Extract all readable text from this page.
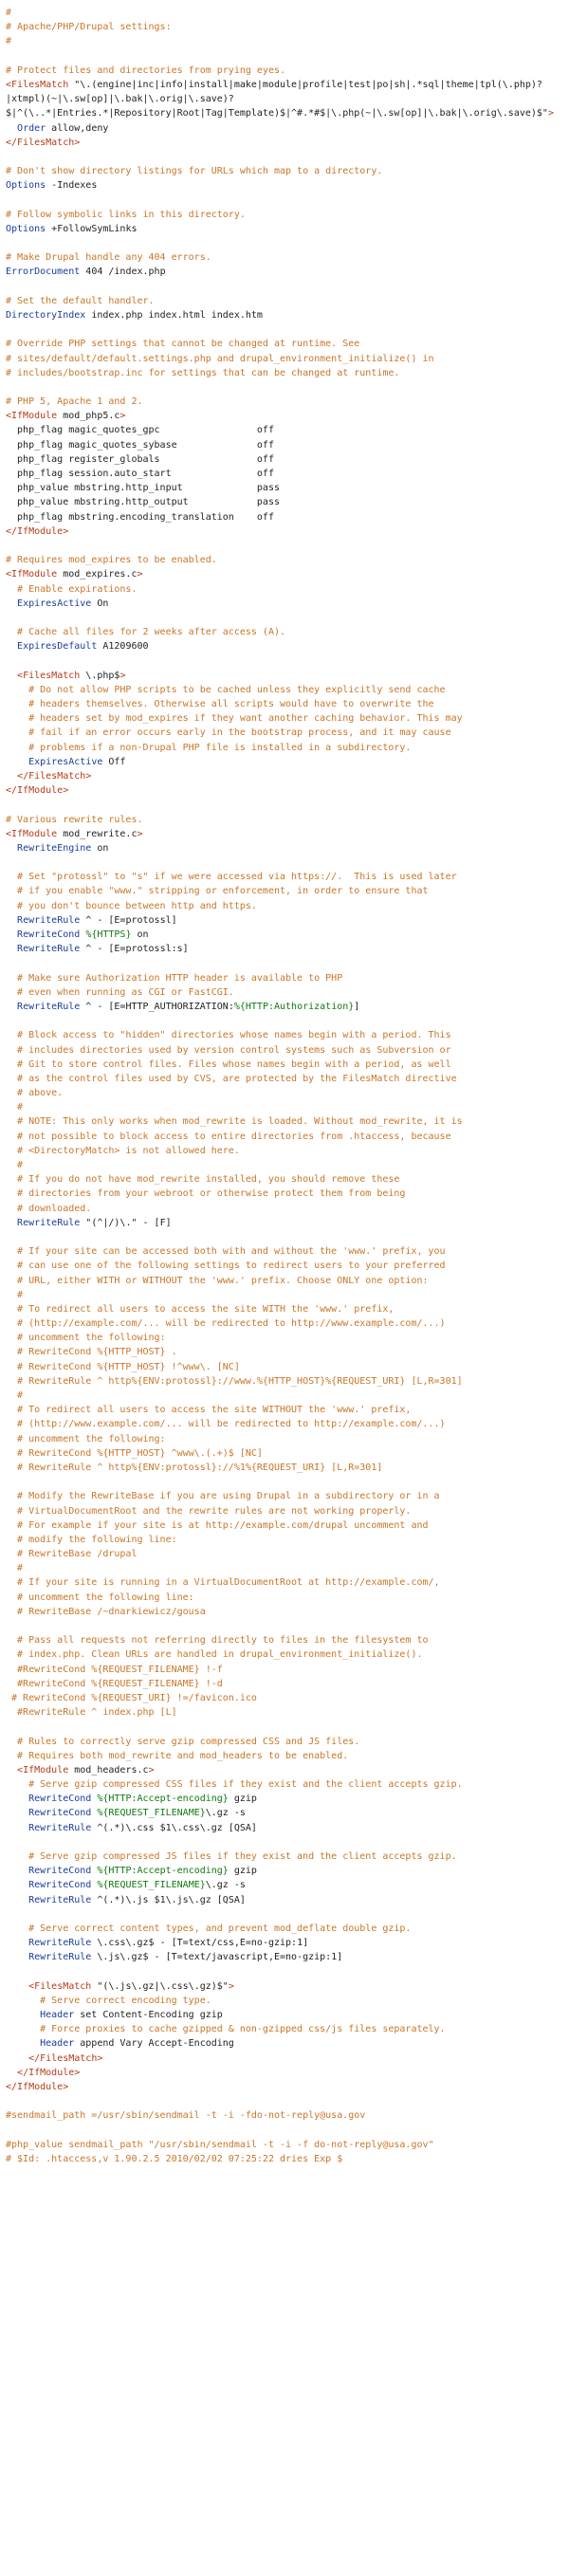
#
# Apache/PHP/Drupal settings:
#

# Protect files and directories from prying eyes.
<FilesMatch "\.(engine|inc|info|install|make|module|profile|test|po|sh|.*sql|theme|tpl(\.php)?
|xtmpl)(~|\.sw[op]|\.bak|\.orig|\.save)?
$|^(\..*|Entries.*|Repository|Root|Tag|Template)$|^#.*#$|\.php(~|\.sw[op]|\.bak|\.orig\.save)$">
Order allow,deny
</FilesMatch>

# Don't show directory listings for URLs which map to a directory.
Options -Indexes

# Follow symbolic links in this directory.
Options +FollowSymLinks

# Make Drupal handle any 404 errors.
ErrorDocument 404 /index.php

# Set the default handler.
DirectoryIndex index.php index.html index.htm

# Override PHP settings that cannot be changed at runtime. See
# sites/default/default.settings.php and drupal_environment_initialize() in
# includes/bootstrap.inc for settings that can be changed at runtime.

# PHP 5, Apache 1 and 2.
<IfModule mod_php5.c>
php_flag magic_quotes_gpc                 off
php_flag magic_quotes_sybase              off
php_flag register_globals                 off
php_flag session.auto_start               off
php_value mbstring.http_input             pass
php_value mbstring.http_output            pass
php_flag mbstring.encoding_translation    off
</IfModule>

# Requires mod_expires to be enabled.
<IfModule mod_expires.c>
# Enable expirations.
ExpiresActive On

# Cache all files for 2 weeks after access (A).
ExpiresDefault A1209600

<FilesMatch \.php$>
# Do not allow PHP scripts to be cached unless they explicitly send cache
# headers themselves. Otherwise all scripts would have to overwrite the
# headers set by mod_expires if they want another caching behavior. This may
# fail if an error occurs early in the bootstrap process, and it may cause
# problems if a non-Drupal PHP file is installed in a subdirectory.
ExpiresActive Off
</FilesMatch>
</IfModule>

# Various rewrite rules.
<IfModule mod_rewrite.c>
RewriteEngine on

# Set "protossl" to "s" if we were accessed via https://.  This is used later
# if you enable "www." stripping or enforcement, in order to ensure that
# you don't bounce between http and https.
RewriteRule ^ - [E=protossl]
RewriteCond %{HTTPS} on
RewriteRule ^ - [E=protossl:s]

# Make sure Authorization HTTP header is available to PHP
# even when running as CGI or FastCGI.
RewriteRule ^ - [E=HTTP_AUTHORIZATION:%{HTTP:Authorization}]

# Block access to "hidden" directories whose names begin with a period. This
# includes directories used by version control systems such as Subversion or
# Git to store control files. Files whose names begin with a period, as well
# as the control files used by CVS, are protected by the FilesMatch directive
# above.
#
# NOTE: This only works when mod_rewrite is loaded. Without mod_rewrite, it is
# not possible to block access to entire directories from .htaccess, because
# <DirectoryMatch> is not allowed here.
#
# If you do not have mod_rewrite installed, you should remove these
# directories from your webroot or otherwise protect them from being
# downloaded.
RewriteRule "(^|/)\." - [F]

# If your site can be accessed both with and without the 'www.' prefix, you
# can use one of the following settings to redirect users to your preferred
# URL, either WITH or WITHOUT the 'www.' prefix. Choose ONLY one option:
#
# To redirect all users to access the site WITH the 'www.' prefix,
# (http://example.com/... will be redirected to http://www.example.com/...)
# uncomment the following:
# RewriteCond %{HTTP_HOST} .
# RewriteCond %{HTTP_HOST} !^www\. [NC]
# RewriteRule ^ http%{ENV:protossl}://www.%{HTTP_HOST}%{REQUEST_URI} [L,R=301]
#
# To redirect all users to access the site WITHOUT the 'www.' prefix,
# (http://www.example.com/... will be redirected to http://example.com/...)
# uncomment the following:
# RewriteCond %{HTTP_HOST} ^www\.(.+)$ [NC]
# RewriteRule ^ http%{ENV:protossl}://%1%{REQUEST_URI} [L,R=301]

# Modify the RewriteBase if you are using Drupal in a subdirectory or in a
# VirtualDocumentRoot and the rewrite rules are not working properly.
# For example if your site is at http://example.com/drupal uncomment and
# modify the following line:
# RewriteBase /drupal
#
# If your site is running in a VirtualDocumentRoot at http://example.com/,
# uncomment the following line:
# RewriteBase /~dnarkiewicz/gousa

# Pass all requests not referring directly to files in the filesystem to
# index.php. Clean URLs are handled in drupal_environment_initialize().
#RewriteCond %{REQUEST_FILENAME} !-f
#RewriteCond %{REQUEST_FILENAME} !-d
# RewriteCond %{REQUEST_URI} !=/favicon.ico
#RewriteRule ^ index.php [L]

# Rules to correctly serve gzip compressed CSS and JS files.
# Requires both mod_rewrite and mod_headers to be enabled.
<IfModule mod_headers.c>
# Serve gzip compressed CSS files if they exist and the client accepts gzip.
RewriteCond %{HTTP:Accept-encoding} gzip
RewriteCond %{REQUEST_FILENAME}\.gz -s
RewriteRule ^(.*)\.css $1\.css\.gz [QSA]

# Serve gzip compressed JS files if they exist and the client accepts gzip.
RewriteCond %{HTTP:Accept-encoding} gzip
RewriteCond %{REQUEST_FILENAME}\.gz -s
RewriteRule ^(.*)\.js $1\.js\.gz [QSA]

# Serve correct content types, and prevent mod_deflate double gzip.
RewriteRule \.css\.gz$ - [T=text/css,E=no-gzip:1]
RewriteRule \.js\.gz$ - [T=text/javascript,E=no-gzip:1]

<FilesMatch "(\.js\.gz|\.css\.gz)$">
# Serve correct encoding type.
Header set Content-Encoding gzip
# Force proxies to cache gzipped & non-gzipped css/js files separately.
Header append Vary Accept-Encoding
</FilesMatch>
</IfModule>
</IfModule>

#sendmail_path =/usr/sbin/sendmail -t -i -fdo-not-reply@usa.gov

#php_value sendmail_path "/usr/sbin/sendmail -t -i -f do-not-reply@usa.gov"
# $Id: .htaccess,v 1.90.2.5 2010/02/02 07:25:22 dries Exp $
